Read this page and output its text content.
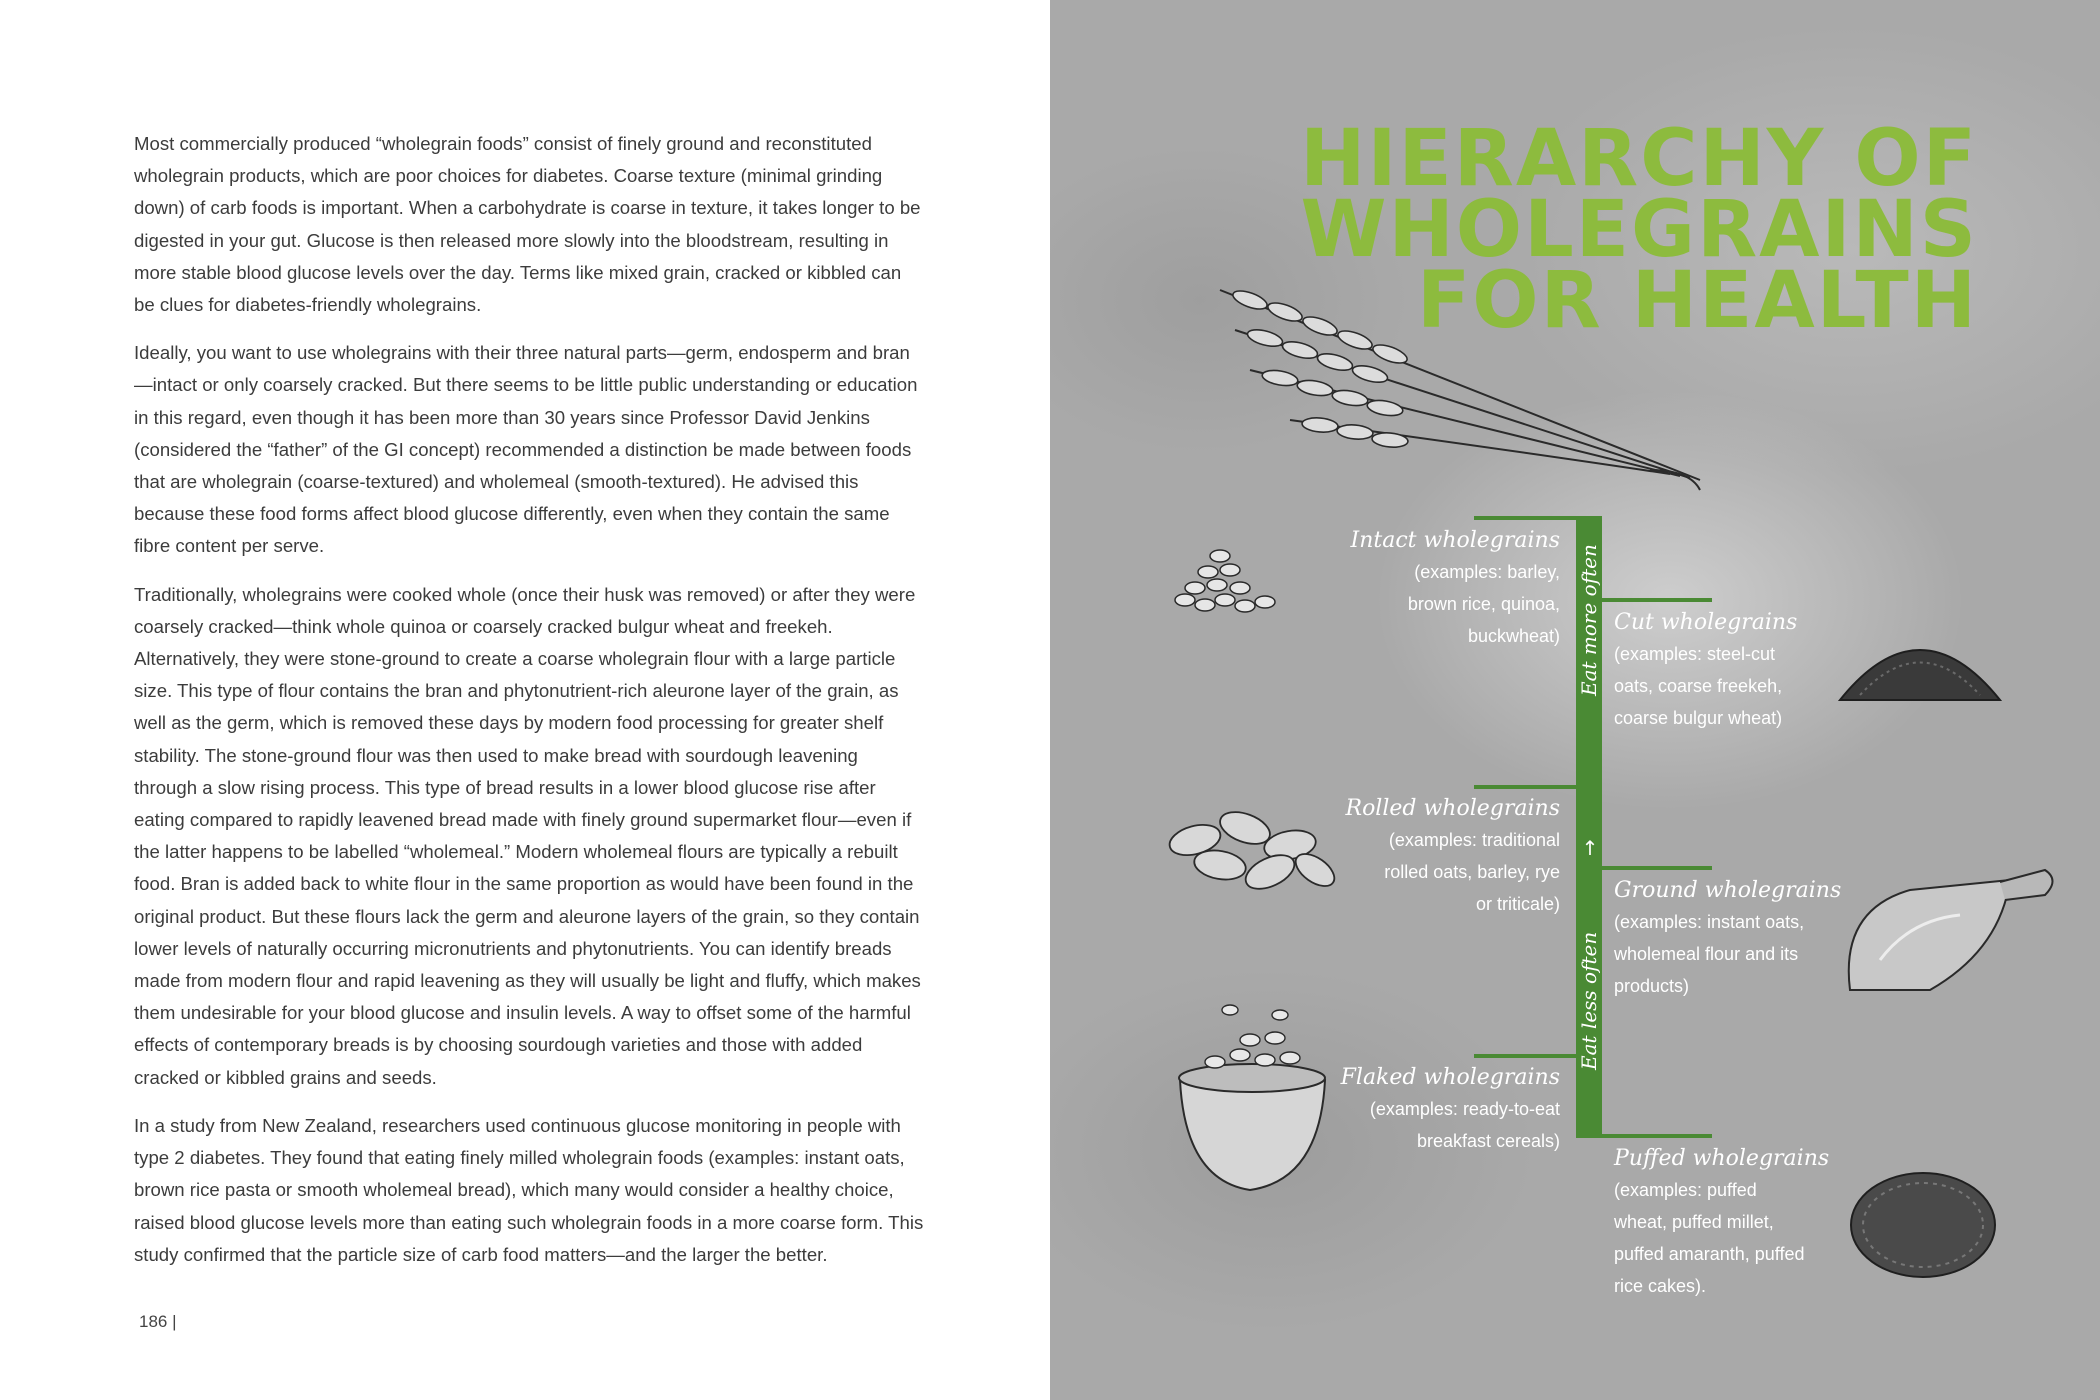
Most commercially produced “wholegrain foods” consist of finely ground and reconstituted wholegrain products, which are poor choices for diabetes. Coarse texture (minimal grinding down) of carb foods is important. When a carbohydrate is coarse in texture, it takes longer to be digested in your gut. Glucose is then released more slowly into the bloodstream, resulting in more stable blood glucose levels over the day. Terms like mixed grain, cracked or kibbled can be clues for diabetes-friendly wholegrains.

Ideally, you want to use wholegrains with their three natural parts—germ, endosperm and bran—intact or only coarsely cracked. But there seems to be little public understanding or education in this regard, even though it has been more than 30 years since Professor David Jenkins (considered the “father” of the GI concept) recommended a distinction be made between foods that are wholegrain (coarse-textured) and wholemeal (smooth-textured). He advised this because these food forms affect blood glucose differently, even when they contain the same fibre content per serve.

Traditionally, wholegrains were cooked whole (once their husk was removed) or after they were coarsely cracked—think whole quinoa or coarsely cracked bulgur wheat and freekeh. Alternatively, they were stone-ground to create a coarse wholegrain flour with a large particle size. This type of flour contains the bran and phytonutrient-rich aleurone layer of the grain, as well as the germ, which is removed these days by modern food processing for greater shelf stability. The stone-ground flour was then used to make bread with sourdough leavening through a slow rising process. This type of bread results in a lower blood glucose rise after eating compared to rapidly leavened bread made with finely ground supermarket flour—even if the latter happens to be labelled “wholemeal.” Modern wholemeal flours are typically a rebuilt food. Bran is added back to white flour in the same proportion as would have been found in the original product. But these flours lack the germ and aleurone layers of the grain, so they contain lower levels of naturally occurring micronutrients and phytonutrients. You can identify breads made from modern flour and rapid leavening as they will usually be light and fluffy, which makes them undesirable for your blood glucose and insulin levels. A way to offset some of the harmful effects of contemporary breads is by choosing sourdough varieties and those with added cracked or kibbled grains and seeds.

In a study from New Zealand, researchers used continuous glucose monitoring in people with type 2 diabetes. They found that eating finely milled wholegrain foods (examples: instant oats, brown rice pasta or smooth wholemeal bread), which many would consider a healthy choice, raised blood glucose levels more than eating such wholegrain foods in a more coarse form. This study confirmed that the particle size of carb food matters—and the larger the better.

186 |
HIERARCHY OF
WHOLEGRAINS
FOR HEALTH
Eat more often
↑
Eat less often
Intact wholegrains
(examples: barley,
brown rice, quinoa,
buckwheat)
Cut wholegrains
(examples: steel-cut
oats, coarse freekeh,
coarse bulgur wheat)
Rolled wholegrains
(examples: traditional
rolled oats, barley, rye
or triticale)
Ground wholegrains
(examples: instant oats,
wholemeal flour and its
products)
Flaked wholegrains
(examples: ready-to-eat
breakfast cereals)
Puffed wholegrains
(examples: puffed
wheat, puffed millet,
puffed amaranth, puffed
rice cakes).
